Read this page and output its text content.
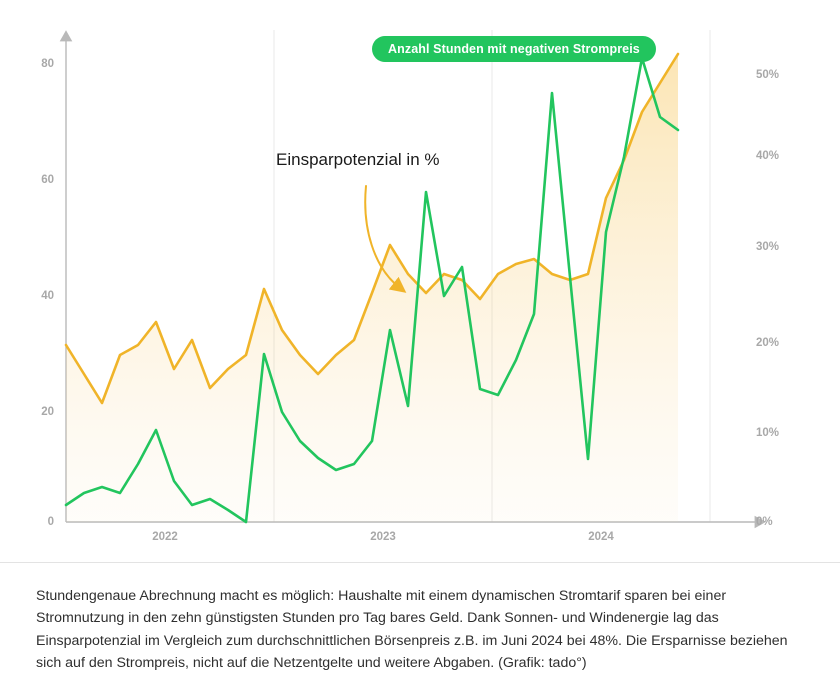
Anzahl Stunden mit negativen Strompreis
Einsparpotenzial in %
80
60
40
20
0
50%
40%
30%
20%
10%
0%
2022	2023	2024

Stundengenaue Abrechnung macht es möglich: Haushalte mit einem dynamischen Stromtarif sparen bei einer Stromnutzung in den zehn günstigsten Stunden pro Tag bares Geld. Dank Sonnen- und Windenergie lag das Einsparpotenzial im Vergleich zum durchschnittlichen Börsenpreis z.B. im Juni 2024 bei 48%. Die Ersparnisse beziehen sich auf den Strompreis, nicht auf die Netzentgelte und weitere Abgaben. (Grafik: tado°)
